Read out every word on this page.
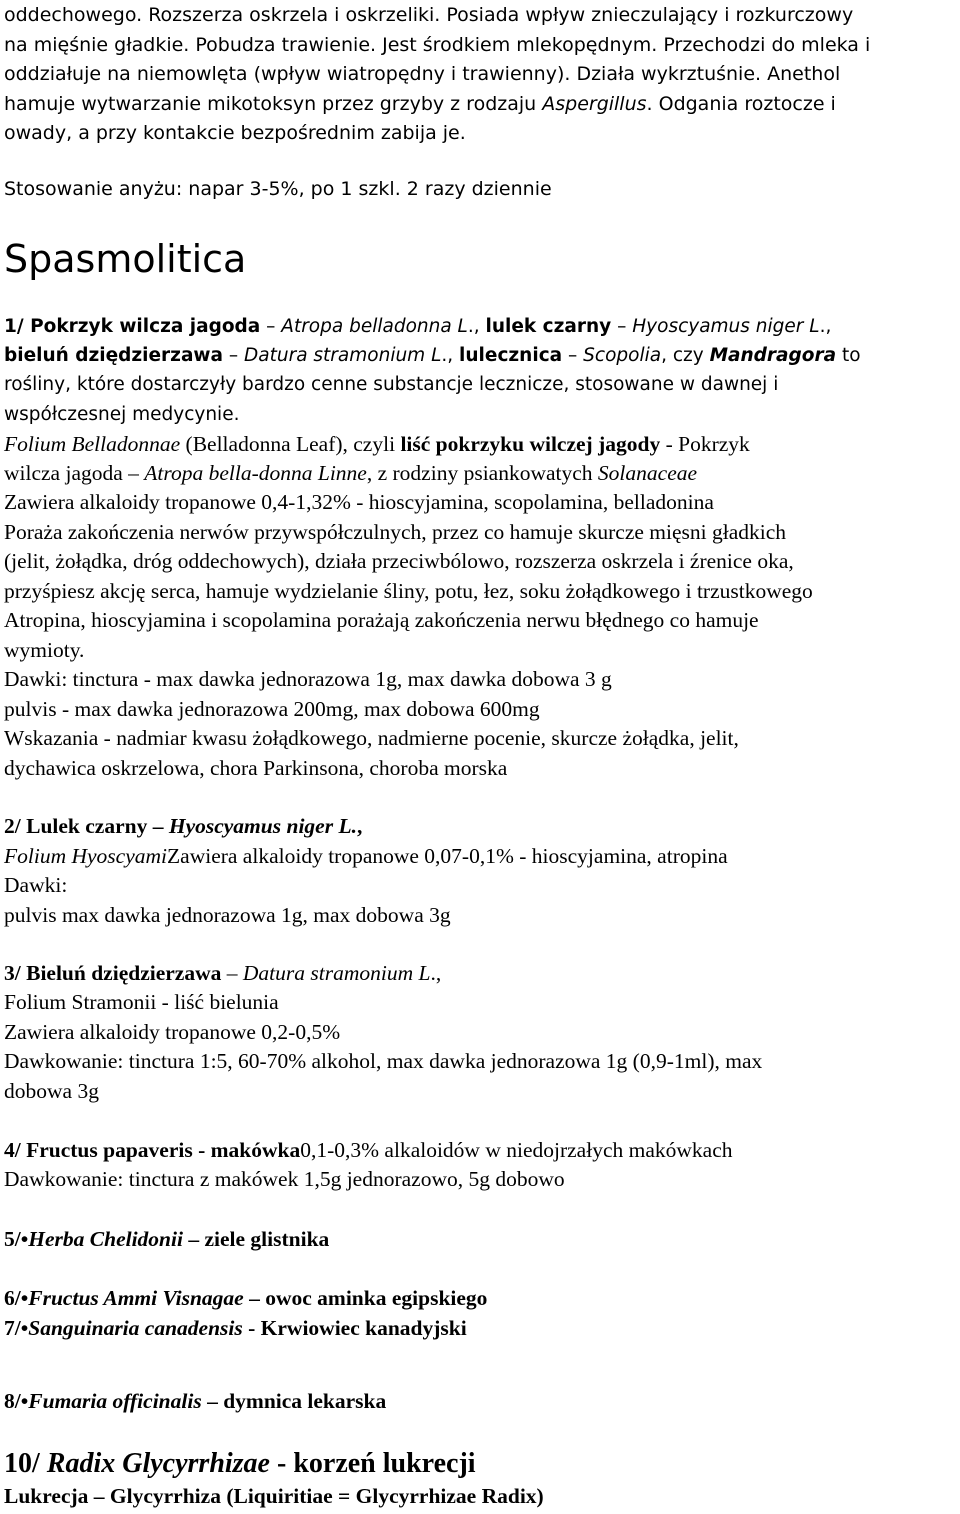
oddechowego. Rozszerza oskrzela i oskrzeliki. Posiada wpływ znieczulający i rozkurczowy
na mięśnie gładkie. Pobudza trawienie. Jest środkiem mlekopędnym. Przechodzi do mleka i
oddziałuje na niemowlęta (wpływ wiatropędny i trawienny). Działa wykrztuśnie. Anethol
hamuje wytwarzanie mikotoksyn przez grzyby z rodzaju Aspergillus. Odgania roztocze i
owady, a przy kontakcie bezpośrednim zabija je.
Stosowanie anyżu: napar 3-5%, po 1 szkl. 2 razy dziennie
Spasmolitica
1/ Pokrzyk wilcza jagoda – Atropa belladonna L., lulek czarny – Hyoscyamus niger L.,
bieluń dziędzierzawa – Datura stramonium L., lulecznica – Scopolia, czy Mandragora to
rośliny, które dostarczyły bardzo cenne substancje lecznicze, stosowane w dawnej i
współczesnej medycynie.
Folium Belladonnae (Belladonna Leaf), czyli liść pokrzyku wilczej jagody - Pokrzyk
wilcza jagoda – Atropa bella-donna Linne, z rodziny psiankowatych Solanaceae
Zawiera alkaloidy tropanowe 0,4-1,32% - hioscyjamina, scopolamina, belladonina
Poraża zakończenia nerwów przywspółczulnych, przez co hamuje skurcze mięsni gładkich
(jelit, żołądka, dróg oddechowych), działa przeciwbólowo, rozszerza oskrzela i źrenice oka,
przyśpiesz akcję serca, hamuje wydzielanie śliny, potu, łez, soku żołądkowego i trzustkowego
Atropina, hioscyjamina i scopolamina porażają zakończenia nerwu błędnego co hamuje
wymioty.
Dawki: tinctura - max dawka jednorazowa 1g, max dawka dobowa 3 g
pulvis - max dawka jednorazowa 200mg, max dobowa 600mg
Wskazania - nadmiar kwasu żołądkowego, nadmierne pocenie, skurcze żołądka, jelit,
dychawica oskrzelowa, chora Parkinsona, choroba morska
2/ Lulek czarny – Hyoscyamus niger L.,
Folium HyoscyamiZawiera alkaloidy tropanowe 0,07-0,1% - hioscyjamina, atropina
Dawki:
pulvis max dawka jednorazowa 1g, max dobowa 3g
3/ Bieluń dziędzierzawa – Datura stramonium L.,
Folium Stramonii - liść bielunia
Zawiera alkaloidy tropanowe 0,2-0,5%
Dawkowanie: tinctura 1:5, 60-70% alkohol, max dawka jednorazowa 1g (0,9-1ml), max
dobowa 3g
4/ Fructus papaveris - makówka0,1-0,3% alkaloidów w niedojrzałych makówkach
Dawkowanie: tinctura z makówek 1,5g jednorazowo, 5g dobowo
5/•Herba Chelidonii – ziele glistnika
6/•Fructus Ammi Visnagae – owoc aminka egipskiego
7/•Sanguinaria canadensis - Krwiowiec kanadyjski
8/•Fumaria officinalis – dymnica lekarska
10/ Radix Glycyrrhizae - korzeń lukrecji
Lukrecja – Glycyrrhiza (Liquiritiae = Glycyrrhizae Radix)
